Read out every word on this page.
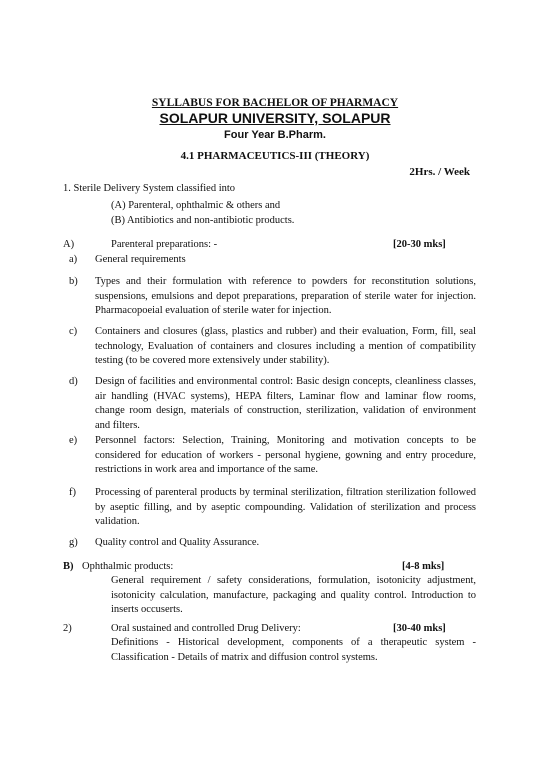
SYLLABUS FOR BACHELOR OF PHARMACY
SOLAPUR UNIVERSITY, SOLAPUR
Four Year B.Pharm.
4.1 PHARMACEUTICS-III (THEORY)
2Hrs. / Week
1. Sterile Delivery System classified into
(A) Parenteral, ophthalmic & others and
(B) Antibiotics and non-antibiotic products.
A)	Parenteral preparations: -	[20-30 mks]
a) General requirements
b) Types and their formulation with reference to powders for reconstitution solutions, suspensions, emulsions and depot preparations, preparation of sterile water for injection. Pharmacopoeial evaluation of sterile water for injection.
c) Containers and closures (glass, plastics and rubber) and their evaluation, Form, fill, seal technology, Evaluation of containers and closures including a mention of compatibility testing (to be covered more extensively under stability).
d) Design of facilities and environmental control: Basic design concepts, cleanliness classes, air handling (HVAC systems), HEPA filters, Laminar flow and laminar flow rooms, change room design, materials of construction, sterilization, validation of environment and filters.
e) Personnel factors: Selection, Training, Monitoring and motivation concepts to be considered for education of workers - personal hygiene, gowning and entry procedure, restrictions in work area and importance of the same.
f) Processing of parenteral products by terminal sterilization, filtration sterilization followed by aseptic filling, and by aseptic compounding. Validation of sterilization and process validation.
g) Quality control and Quality Assurance.
B) Ophthalmic products:	[4-8 mks]
General requirement / safety considerations, formulation, isotonicity adjustment, isotonicity calculation, manufacture, packaging and quality control. Introduction to inserts occuserts.
2)	Oral sustained and controlled Drug Delivery:	[30-40 mks]
Definitions - Historical development, components of a therapeutic system - Classification - Details of matrix and diffusion control systems.
